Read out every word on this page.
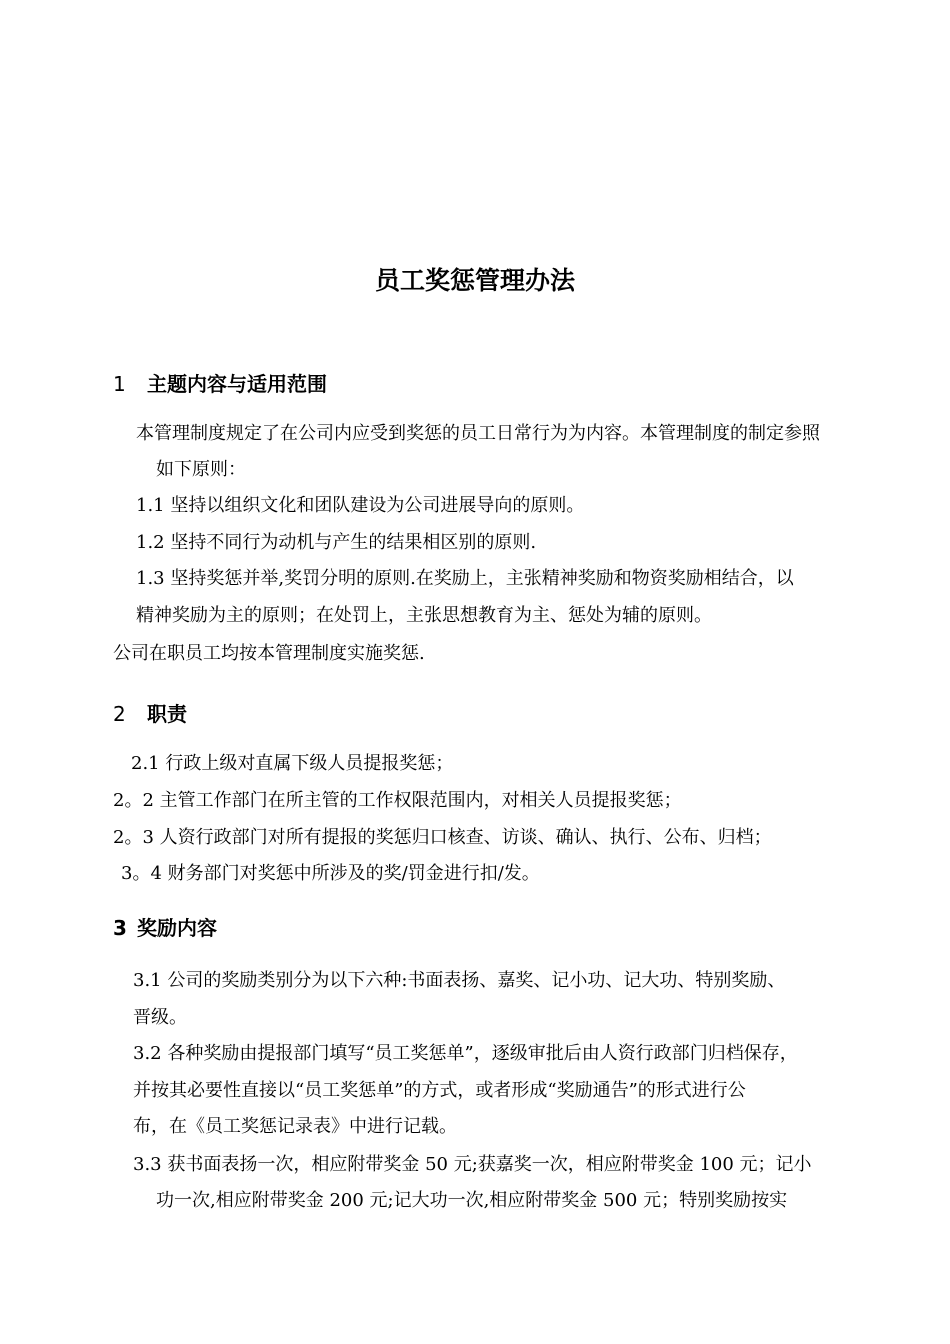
员工奖惩管理办法
1 主题内容与适用范围
本管理制度规定了在公司内应受到奖惩的员工日常行为为内容。本管理制度的制定参照
如下原则：
1.1 坚持以组织文化和团队建设为公司进展导向的原则。
1.2 坚持不同行为动机与产生的结果相区别的原则.
1.3 坚持奖惩并举,奖罚分明的原则.在奖励上，主张精神奖励和物资奖励相结合，以
精神奖励为主的原则；在处罚上，主张思想教育为主、惩处为辅的原则。
公司在职员工均按本管理制度实施奖惩.
2 职责
2.1 行政上级对直属下级人员提报奖惩；
2。2 主管工作部门在所主管的工作权限范围内，对相关人员提报奖惩；
2。3 人资行政部门对所有提报的奖惩归口核查、访谈、确认、执行、公布、归档；
3。4 财务部门对奖惩中所涉及的奖/罚金进行扣/发。
3 奖励内容
3.1 公司的奖励类别分为以下六种:书面表扬、嘉奖、记小功、记大功、特别奖励、
晋级。
3.2 各种奖励由提报部门填写“员工奖惩单”，逐级审批后由人资行政部门归档保存，
并按其必要性直接以“员工奖惩单”的方式，或者形成“奖励通告”的形式进行公
布，在《员工奖惩记录表》中进行记载。
3.3 获书面表扬一次，相应附带奖金 50 元;获嘉奖一次，相应附带奖金 100 元；记小
功一次,相应附带奖金 200 元;记大功一次,相应附带奖金 500 元；特别奖励按实
